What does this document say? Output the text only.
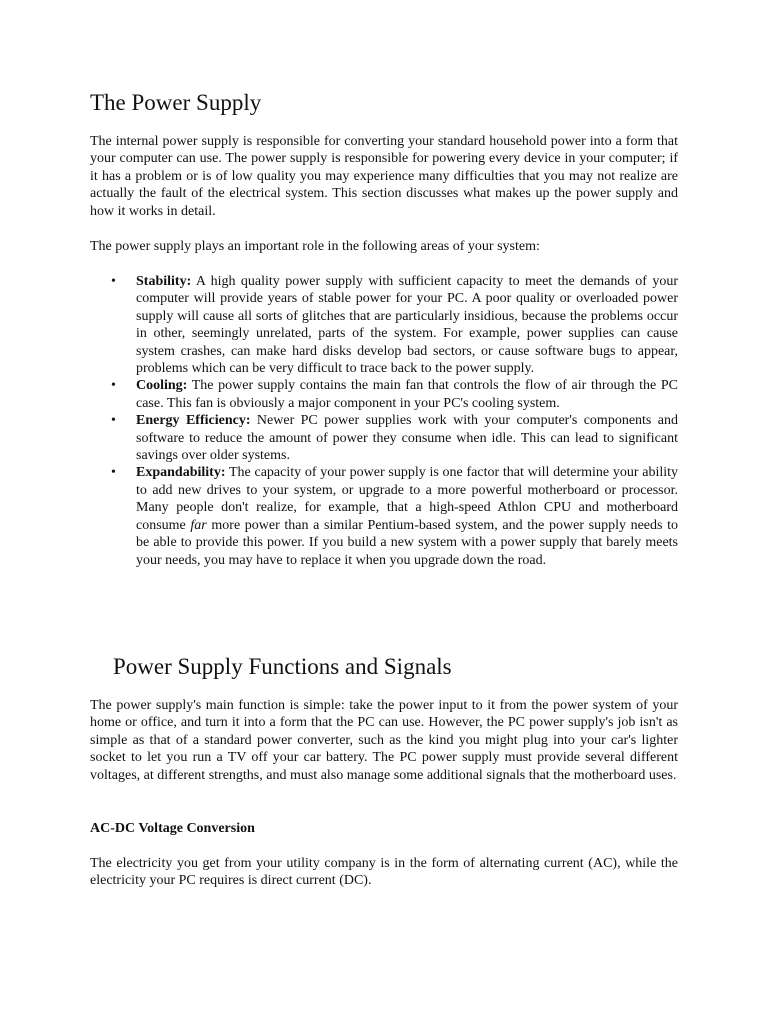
The Power Supply

The internal power supply is responsible for converting your standard household power into a form that your computer can use. The power supply is responsible for powering every device in your computer; if it has a problem or is of low quality you may experience many difficulties that you may not realize are actually the fault of the electrical system. This section discusses what makes up the power supply and how it works in detail.

The power supply plays an important role in the following areas of your system:

• Stability: A high quality power supply with sufficient capacity to meet the demands of your computer will provide years of stable power for your PC. A poor quality or overloaded power supply will cause all sorts of glitches that are particularly insidious, because the problems occur in other, seemingly unrelated, parts of the system. For example, power supplies can cause system crashes, can make hard disks develop bad sectors, or cause software bugs to appear, problems which can be very difficult to trace back to the power supply.
• Cooling: The power supply contains the main fan that controls the flow of air through the PC case. This fan is obviously a major component in your PC's cooling system.
• Energy Efficiency: Newer PC power supplies work with your computer's components and software to reduce the amount of power they consume when idle. This can lead to significant savings over older systems.
• Expandability: The capacity of your power supply is one factor that will determine your ability to add new drives to your system, or upgrade to a more powerful motherboard or processor. Many people don't realize, for example, that a high-speed Athlon CPU and motherboard consume far more power than a similar Pentium-based system, and the power supply needs to be able to provide this power. If you build a new system with a power supply that barely meets your needs, you may have to replace it when you upgrade down the road.
Power Supply Functions and Signals

The power supply's main function is simple: take the power input to it from the power system of your home or office, and turn it into a form that the PC can use. However, the PC power supply's job isn't as simple as that of a standard power converter, such as the kind you might plug into your car's lighter socket to let you run a TV off your car battery. The PC power supply must provide several different voltages, at different strengths, and must also manage some additional signals that the motherboard uses.

AC-DC Voltage Conversion

The electricity you get from your utility company is in the form of alternating current (AC), while the electricity your PC requires is direct current (DC).
